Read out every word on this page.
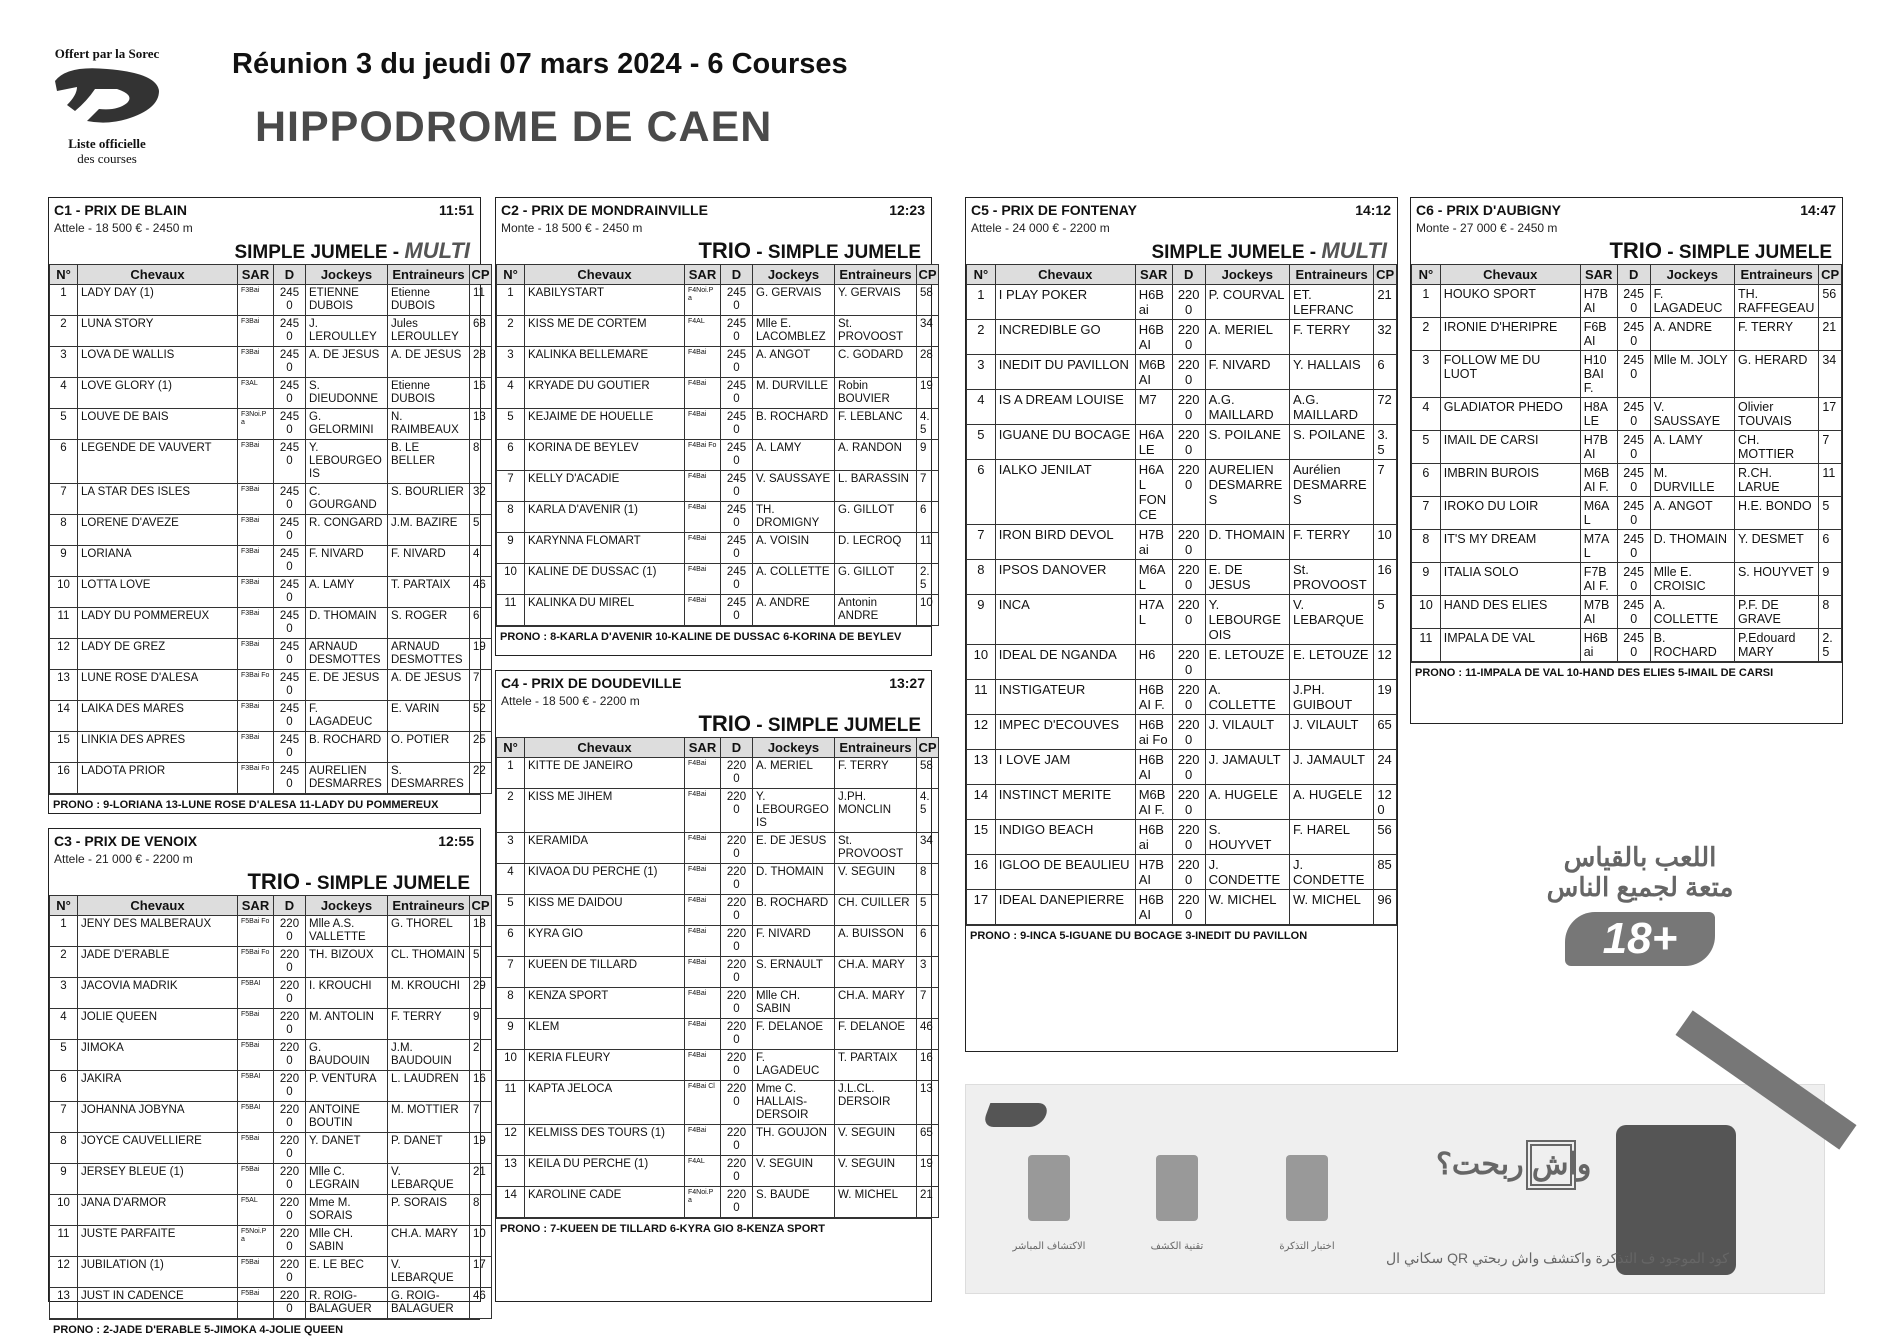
Offert par la Sorec
Liste officielle
des courses
Réunion 3 du jeudi 07 mars 2024 - 6 Courses
HIPPODROME DE CAEN
C1 - PRIX DE BLAIN	11:51
Attele - 18 500 € - 2450 m
SIMPLE JUMELE - MULTI
N°	Chevaux	SAR	D	Jockeys	Entraineurs	CP
1	LADY DAY (1)	F3Bai	2450	ETIENNE DUBOIS	Etienne DUBOIS	11
2	LUNA STORY	F3Bai	2450	J. LEROULLEY	Jules LEROULLEY	68
3	LOVA DE WALLIS	F3Bai	2450	A. DE JESUS	A. DE JESUS	28
4	LOVE GLORY (1)	F3AL	2450	S. DIEUDONNE	Etienne DUBOIS	16
5	LOUVE DE BAIS	F3Noi.Pa	2450	G. GELORMINI	N. RAIMBEAUX	13
6	LEGENDE DE VAUVERT	F3Bai	2450	Y. LEBOURGEOIS	B. LE BELLER	8
7	LA STAR DES ISLES	F3Bai	2450	C. GOURGAND	S. BOURLIER	32
8	LORENE D'AVEZE	F3Bai	2450	R. CONGARD	J.M. BAZIRE	5
9	LORIANA	F3Bai	2450	F. NIVARD	F. NIVARD	4
10	LOTTA LOVE	F3Bai	2450	A. LAMY	T. PARTAIX	46
11	LADY DU POMMEREUX	F3Bai	2450	D. THOMAIN	S. ROGER	6
12	LADY DE GREZ	F3Bai	2450	ARNAUD DESMOTTES	ARNAUD DESMOTTES	19
13	LUNE ROSE D'ALESA	F3Bai Fo	2450	E. DE JESUS	A. DE JESUS	7
14	LAIKA DES MARES	F3Bai	2450	F. LAGADEUC	E. VARIN	52
15	LINKIA DES APRES	F3Bai	2450	B. ROCHARD	O. POTIER	25
16	LADOTA PRIOR	F3Bai Fo	2450	AURELIEN DESMARRES	S. DESMARRES	22
PRONO : 9-LORIANA 13-LUNE ROSE D'ALESA 11-LADY DU POMMEREUX
C3 - PRIX DE VENOIX	12:55
Attele - 21 000 € - 2200 m
TRIO - SIMPLE JUMELE
N°	Chevaux	SAR	D	Jockeys	Entraineurs	CP
1	JENY DES MALBERAUX	F5Bai Fo	2200	Mlle A.S. VALLETTE	G. THOREL	18
2	JADE D'ERABLE	F5Bai Fo	2200	TH. BIZOUX	CL. THOMAIN	5
3	JACOVIA MADRIK	F5BAI	2200	I. KROUCHI	M. KROUCHI	29
4	JOLIE QUEEN	F5Bai	2200	M. ANTOLIN	F. TERRY	9
5	JIMOKA	F5Bai	2200	G. BAUDOUIN	J.M. BAUDOUIN	2
6	JAKIRA	F5BAI	2200	P. VENTURA	L. LAUDREN	16
7	JOHANNA JOBYNA	F5BAI	2200	ANTOINE BOUTIN	M. MOTTIER	7
8	JOYCE CAUVELLIERE	F5Bai	2200	Y. DANET	P. DANET	19
9	JERSEY BLEUE (1)	F5Bai	2200	Mlle C. LEGRAIN	V. LEBARQUE	21
10	JANA D'ARMOR	F5AL	2200	Mme M. SORAIS	P. SORAIS	8
11	JUSTE PARFAITE	F5Noi.Pa	2200	Mlle CH. SABIN	CH.A. MARY	10
12	JUBILATION (1)	F5Bai	2200	E. LE BEC	V. LEBARQUE	17
13	JUST IN CADENCE	F5Bai	2200	R. ROIG-BALAGUER	G. ROIG-BALAGUER	46
PRONO : 2-JADE D'ERABLE 5-JIMOKA 4-JOLIE QUEEN
C2 - PRIX DE MONDRAINVILLE	12:23
Monte - 18 500 € - 2450 m
TRIO - SIMPLE JUMELE
N°	Chevaux	SAR	D	Jockeys	Entraineurs	CP
1	KABILYSTART	F4Noi.Pa	2450	G. GERVAIS	Y. GERVAIS	58
2	KISS ME DE CORTEM	F4AL	2450	Mlle E. LACOMBLEZ	St. PROVOOST	34
3	KALINKA BELLEMARE	F4Bai	2450	A. ANGOT	C. GODARD	28
4	KRYADE DU GOUTIER	F4Bai	2450	M. DURVILLE	Robin BOUVIER	19
5	KEJAIME DE HOUELLE	F4Bai	2450	B. ROCHARD	F. LEBLANC	4.5
6	KORINA DE BEYLEV	F4Bai Fo	2450	A. LAMY	A. RANDON	9
7	KELLY D'ACADIE	F4Bai	2450	V. SAUSSAYE	L. BARASSIN	7
8	KARLA D'AVENIR (1)	F4Bai	2450	TH. DROMIGNY	G. GILLOT	6
9	KARYNNA FLOMART	F4Bai	2450	A. VOISIN	D. LECROQ	11
10	KALINE DE DUSSAC (1)	F4Bai	2450	A. COLLETTE	G. GILLOT	2.5
11	KALINKA DU MIREL	F4Bai	2450	A. ANDRE	Antonin ANDRE	10
PRONO : 8-KARLA D'AVENIR 10-KALINE DE DUSSAC 6-KORINA DE BEYLEV
C4 - PRIX DE DOUDEVILLE	13:27
Attele - 18 500 € - 2200 m
TRIO - SIMPLE JUMELE
N°	Chevaux	SAR	D	Jockeys	Entraineurs	CP
1	KITTE DE JANEIRO	F4Bai	2200	A. MERIEL	F. TERRY	58
2	KISS ME JIHEM	F4Bai	2200	Y. LEBOURGEOIS	J.PH. MONCLIN	4.5
3	KERAMIDA	F4Bai	2200	E. DE JESUS	St. PROVOOST	34
4	KIVAOA DU PERCHE (1)	F4Bai	2200	D. THOMAIN	V. SEGUIN	8
5	KISS ME DAIDOU	F4Bai	2200	B. ROCHARD	CH. CUILLER	5
6	KYRA GIO	F4Bai	2200	F. NIVARD	A. BUISSON	6
7	KUEEN DE TILLARD	F4Bai	2200	S. ERNAULT	CH.A. MARY	3
8	KENZA SPORT	F4Bai	2200	Mlle CH. SABIN	CH.A. MARY	7
9	KLEM	F4Bai	2200	F. DELANOE	F. DELANOE	46
10	KERIA FLEURY	F4Bai	2200	F. LAGADEUC	T. PARTAIX	16
11	KAPTA JELOCA	F4Bai Cl	2200	Mme C. HALLAIS-DERSOIR	J.L.CL. DERSOIR	13
12	KELMISS DES TOURS (1)	F4Bai	2200	TH. GOUJON	V. SEGUIN	65
13	KEILA DU PERCHE (1)	F4AL	2200	V. SEGUIN	V. SEGUIN	19
14	KAROLINE CADE	F4Noi.Pa	2200	S. BAUDE	W. MICHEL	21
PRONO : 7-KUEEN DE TILLARD 6-KYRA GIO 8-KENZA SPORT
C5 - PRIX DE FONTENAY	14:12
Attele - 24 000 € - 2200 m
SIMPLE JUMELE - MULTI
N°	Chevaux	SAR	D	Jockeys	Entraineurs	CP
1	I PLAY POKER	H6Bai	2200	P. COURVAL	ET. LEFRANC	21
2	INCREDIBLE GO	H6BAI	2200	A. MERIEL	F. TERRY	32
3	INEDIT DU PAVILLON	M6BAI	2200	F. NIVARD	Y. HALLAIS	6
4	IS A DREAM LOUISE	M7	2200	A.G. MAILLARD	A.G. MAILLARD	72
5	IGUANE DU BOCAGE	H6ALE	2200	S. POILANE	S. POILANE	3.5
6	IALKO JENILAT	H6AL FONCE	2200	AURELIEN DESMARRES	Aurélien DESMARRES	7
7	IRON BIRD DEVOL	H7Bai	2200	D. THOMAIN	F. TERRY	10
8	IPSOS DANOVER	M6AL	2200	E. DE JESUS	St. PROVOOST	16
9	INCA	H7AL	2200	Y. LEBOURGEOIS	V. LEBARQUE	5
10	IDEAL DE NGANDA	H6	2200	E. LETOUZE	E. LETOUZE	12
11	INSTIGATEUR	H6BAI F.	2200	A. COLLETTE	J.PH. GUIBOUT	19
12	IMPEC D'ECOUVES	H6Bai Fo	2200	J. VILAULT	J. VILAULT	65
13	I LOVE JAM	H6BAI	2200	J. JAMAULT	J. JAMAULT	24
14	INSTINCT MERITE	M6BAI F.	2200	A. HUGELE	A. HUGELE	120
15	INDIGO BEACH	H6Bai	2200	S. HOUYVET	F. HAREL	56
16	IGLOO DE BEAULIEU	H7BAI	2200	J. CONDETTE	J. CONDETTE	85
17	IDEAL DANEPIERRE	H6BAI	2200	W. MICHEL	W. MICHEL	96
PRONO : 9-INCA 5-IGUANE DU BOCAGE 3-INEDIT DU PAVILLON
C6 - PRIX D'AUBIGNY	14:47
Monte - 27 000 € - 2450 m
TRIO - SIMPLE JUMELE
N°	Chevaux	SAR	D	Jockeys	Entraineurs	CP
1	HOUKO SPORT	H7BAI	2450	F. LAGADEUC	TH. RAFFEGEAU	56
2	IRONIE D'HERIPRE	F6BAI	2450	A. ANDRE	F. TERRY	21
3	FOLLOW ME DU LUOT	H10BAI F.	2450	Mlle M. JOLY	G. HERARD	34
4	GLADIATOR PHEDO	H8ALE	2450	V. SAUSSAYE	Olivier TOUVAIS	17
5	IMAIL DE CARSI	H7BAI	2450	A. LAMY	CH. MOTTIER	7
6	IMBRIN BUROIS	M6BAI F.	2450	M. DURVILLE	R.CH. LARUE	11
7	IROKO DU LOIR	M6AL	2450	A. ANGOT	H.E. BONDO	5
8	IT'S MY DREAM	M7AL	2450	D. THOMAIN	Y. DESMET	6
9	ITALIA SOLO	F7BAI F.	2450	Mlle E. CROISIC	S. HOUYVET	9
10	HAND DES ELIES	M7BAI	2450	A. COLLETTE	P.F. DE GRAVE	8
11	IMPALA DE VAL	H6Bai	2450	B. ROCHARD	P.Edouard MARY	2.5
PRONO : 11-IMPALA DE VAL 10-HAND DES ELIES 5-IMAIL DE CARSI
اللعب بالقياس
متعة لجميع الناس
18+
الاكتشاف المباشر	تقنية الكشف	اختبار التذكرة
واش ربحت؟
سكاني ال QR كود الموجود ف التذكرة واكتشف واش ربحتي
